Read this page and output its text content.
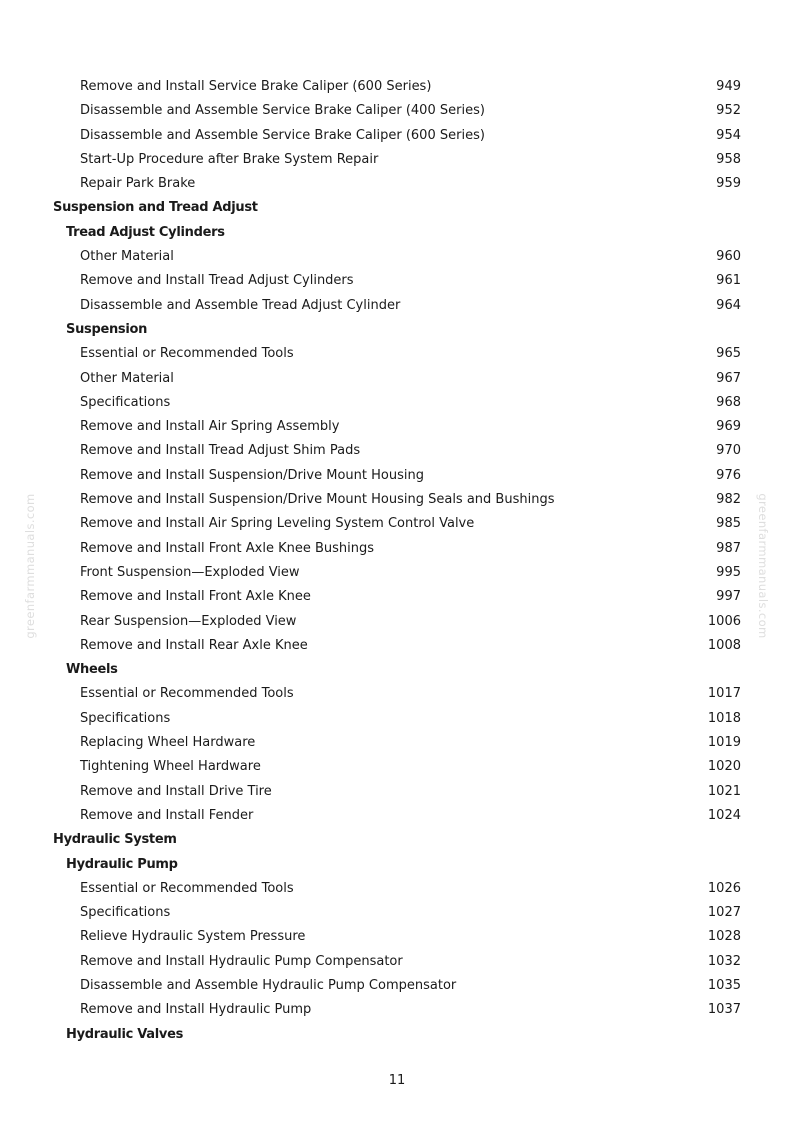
greenfarmmanuals.com	greenfarmmanuals.com
Remove and Install Service Brake Caliper (600 Series)	949
Disassemble and Assemble Service Brake Caliper (400 Series)	952
Disassemble and Assemble Service Brake Caliper (600 Series)	954
Start-Up Procedure after Brake System Repair	958
Repair Park Brake	959
Suspension and Tread Adjust
Tread Adjust Cylinders
Other Material	960
Remove and Install Tread Adjust Cylinders	961
Disassemble and Assemble Tread Adjust Cylinder	964
Suspension
Essential or Recommended Tools	965
Other Material	967
Specifications	968
Remove and Install Air Spring Assembly	969
Remove and Install Tread Adjust Shim Pads	970
Remove and Install Suspension/Drive Mount Housing	976
Remove and Install Suspension/Drive Mount Housing Seals and Bushings	982
Remove and Install Air Spring Leveling System Control Valve	985
Remove and Install Front Axle Knee Bushings	987
Front Suspension—Exploded View	995
Remove and Install Front Axle Knee	997
Rear Suspension—Exploded View	1006
Remove and Install Rear Axle Knee	1008
Wheels
Essential or Recommended Tools	1017
Specifications	1018
Replacing Wheel Hardware	1019
Tightening Wheel Hardware	1020
Remove and Install Drive Tire	1021
Remove and Install Fender	1024
Hydraulic System
Hydraulic Pump
Essential or Recommended Tools	1026
Specifications	1027
Relieve Hydraulic System Pressure	1028
Remove and Install Hydraulic Pump Compensator	1032
Disassemble and Assemble Hydraulic Pump Compensator	1035
Remove and Install Hydraulic Pump	1037
Hydraulic Valves
11
